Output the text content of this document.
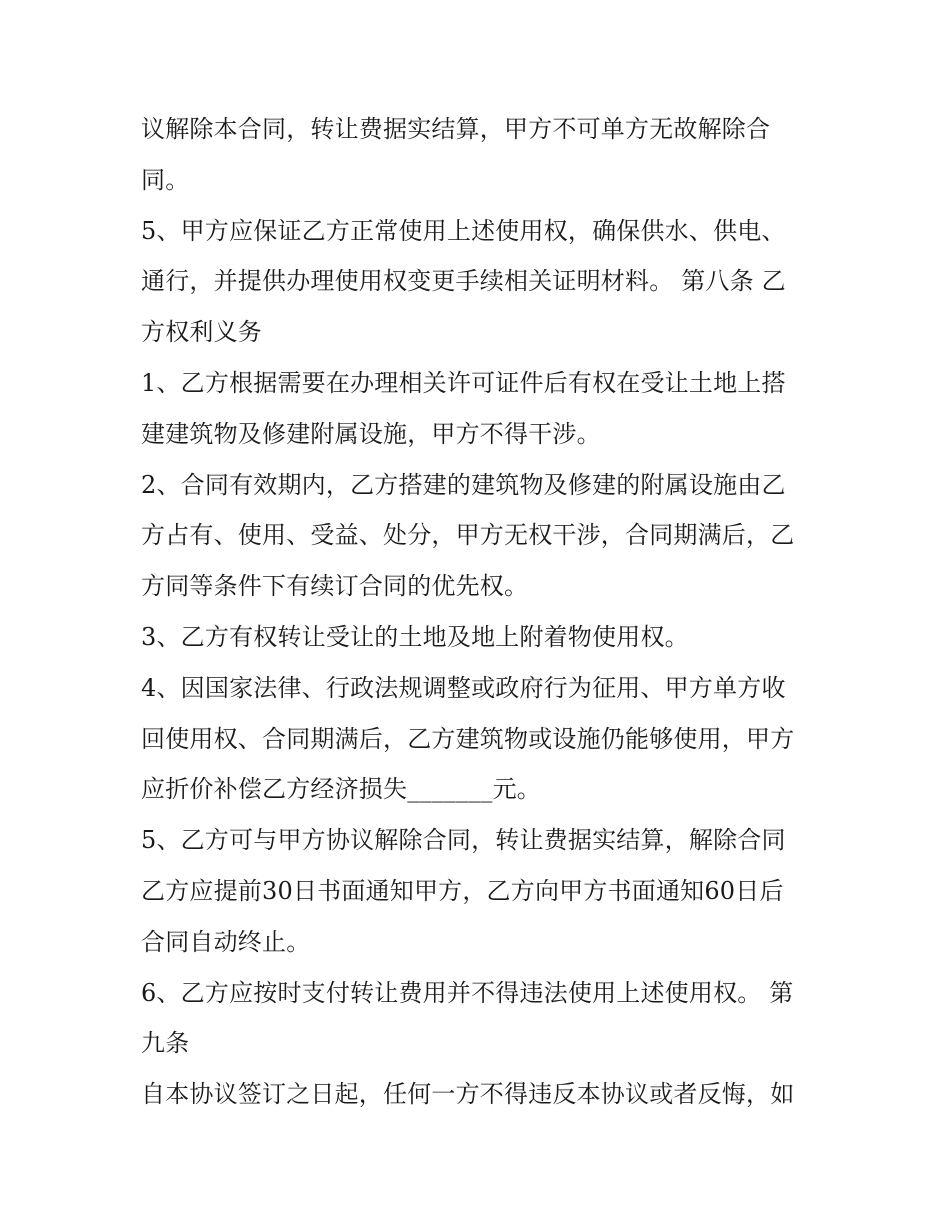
议解除本合同，转让费据实结算，甲方不可单方无故解除合
同。
5、甲方应保证乙方正常使用上述使用权，确保供水、供电、
通行，并提供办理使用权变更手续相关证明材料。 第八条 乙
方权利义务
1、乙方根据需要在办理相关许可证件后有权在受让土地上搭
建建筑物及修建附属设施，甲方不得干涉。
2、合同有效期内，乙方搭建的建筑物及修建的附属设施由乙
方占有、使用、受益、处分，甲方无权干涉，合同期满后，乙
方同等条件下有续订合同的优先权。
3、乙方有权转让受让的土地及地上附着物使用权。
4、因国家法律、行政法规调整或政府行为征用、甲方单方收
回使用权、合同期满后，乙方建筑物或设施仍能够使用，甲方
应折价补偿乙方经济损失_______元。
5、乙方可与甲方协议解除合同，转让费据实结算，解除合同
乙方应提前30日书面通知甲方，乙方向甲方书面通知60日后
合同自动终止。
6、乙方应按时支付转让费用并不得违法使用上述使用权。 第
九条
自本协议签订之日起，任何一方不得违反本协议或者反悔，如
